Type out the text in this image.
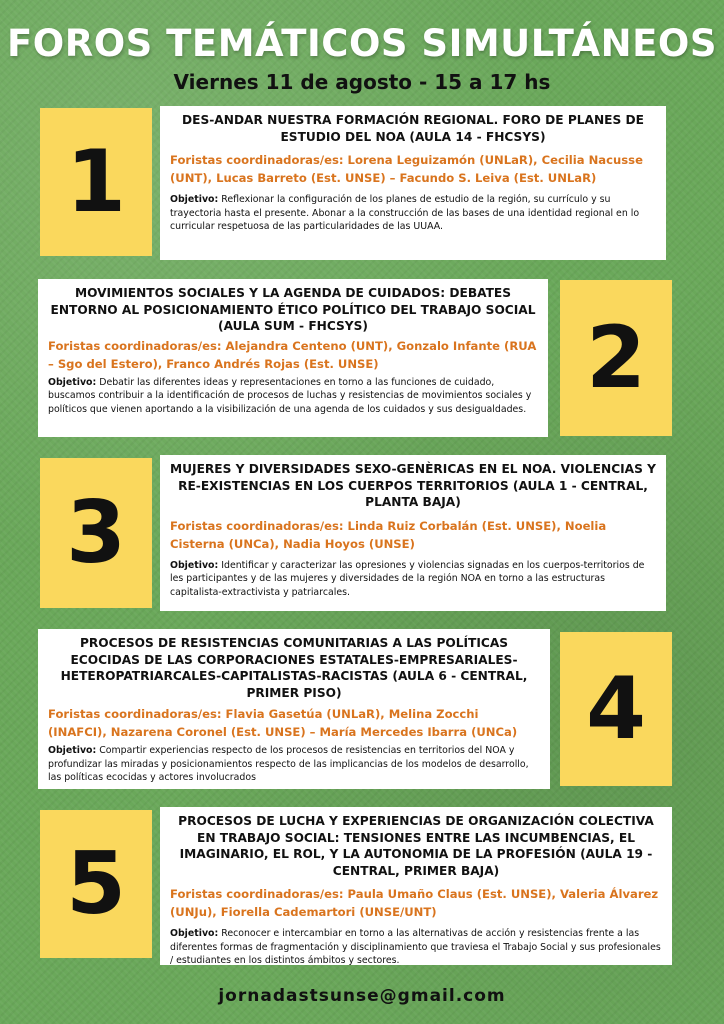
FOROS TEMÁTICOS SIMULTÁNEOS
Viernes 11 de agosto - 15 a 17 hs
1
DES-ANDAR NUESTRA FORMACIÓN REGIONAL. FORO DE PLANES DE ESTUDIO DEL NOA (AULA 14 - FHCSYS)
Foristas coordinadoras/es: Lorena Leguizamón (UNLaR), Cecilia Nacusse (UNT), Lucas Barreto (Est. UNSE) – Facundo S. Leiva (Est. UNLaR)
Objetivo: Reflexionar la configuración de los planes de estudio de la región, su currículo y su trayectoria hasta el presente. Abonar a la construcción de las bases de una identidad regional en lo curricular respetuosa de las particularidades de las UUAA.
MOVIMIENTOS SOCIALES Y LA AGENDA DE CUIDADOS: DEBATES ENTORNO AL POSICIONAMIENTO ÉTICO POLÍTICO DEL TRABAJO SOCIAL (AULA SUM - FHCSYS)
Foristas coordinadoras/es: Alejandra Centeno (UNT), Gonzalo Infante (RUA – Sgo del Estero), Franco Andrés Rojas (Est. UNSE)
Objetivo: Debatir las diferentes ideas y representaciones en torno a las funciones de cuidado, buscamos contribuir a la identificación de procesos de luchas y resistencias de movimientos sociales y políticos que vienen aportando a la visibilización de una agenda de los cuidados y sus desigualdades.
2
3
MUJERES Y DIVERSIDADES SEXO-GENÈRICAS EN EL NOA. VIOLENCIAS Y RE-EXISTENCIAS EN LOS CUERPOS TERRITORIOS (AULA 1 - CENTRAL, PLANTA BAJA)
Foristas coordinadoras/es: Linda Ruiz Corbalán (Est. UNSE), Noelia Cisterna (UNCa), Nadia Hoyos (UNSE)
Objetivo: Identificar y caracterizar las opresiones y violencias signadas en los cuerpos-territorios de les participantes y de las mujeres y diversidades de la región NOA en torno a las estructuras capitalista-extractivista y patriarcales.
PROCESOS DE RESISTENCIAS COMUNITARIAS A LAS POLÍTICAS ECOCIDAS DE LAS CORPORACIONES ESTATALES-EMPRESARIALES-HETEROPATRIARCALES-CAPITALISTAS-RACISTAS (AULA 6 - CENTRAL, PRIMER PISO)
Foristas coordinadoras/es: Flavia Gasetúa (UNLaR), Melina Zocchi (INAFCI), Nazarena Coronel (Est. UNSE) – María Mercedes Ibarra (UNCa)
Objetivo: Compartir experiencias respecto de los procesos de resistencias en territorios del NOA y profundizar las miradas y posicionamientos respecto de las implicancias de los modelos de desarrollo, las políticas ecocidas y actores involucrados
4
5
PROCESOS DE LUCHA Y EXPERIENCIAS DE ORGANIZACIÓN COLECTIVA EN TRABAJO SOCIAL: TENSIONES ENTRE LAS INCUMBENCIAS, EL IMAGINARIO, EL ROL, Y LA AUTONOMIA DE LA PROFESIÓN (AULA 19 - CENTRAL, PRIMER BAJA)
Foristas coordinadoras/es: Paula Umaño Claus (Est. UNSE), Valeria Álvarez (UNJu), Fiorella Cademartori (UNSE/UNT)
Objetivo: Reconocer e intercambiar en torno a las alternativas de acción y resistencias frente a las diferentes formas de fragmentación y disciplinamiento que traviesa el Trabajo Social y sus profesionales / estudiantes en los distintos ámbitos y sectores.
jornadastsunse@gmail.com
